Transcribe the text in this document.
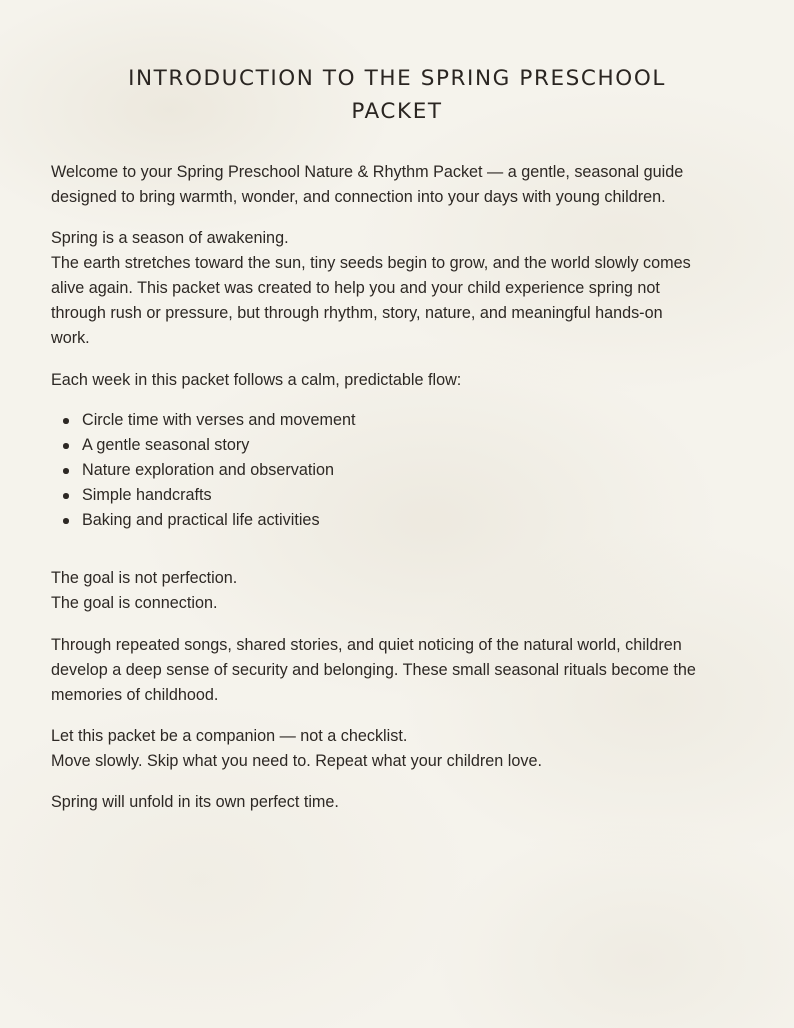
INTRODUCTION TO THE SPRING PRESCHOOL
PACKET

Welcome to your Spring Preschool Nature & Rhythm Packet — a gentle, seasonal guide
designed to bring warmth, wonder, and connection into your days with young children.

Spring is a season of awakening.
The earth stretches toward the sun, tiny seeds begin to grow, and the world slowly comes
alive again. This packet was created to help you and your child experience spring not
through rush or pressure, but through rhythm, story, nature, and meaningful hands-on
work.

Each week in this packet follows a calm, predictable flow:

Circle time with verses and movement
A gentle seasonal story
Nature exploration and observation
Simple handcrafts
Baking and practical life activities

The goal is not perfection.
The goal is connection.

Through repeated songs, shared stories, and quiet noticing of the natural world, children
develop a deep sense of security and belonging. These small seasonal rituals become the
memories of childhood.

Let this packet be a companion — not a checklist.
Move slowly. Skip what you need to. Repeat what your children love.

Spring will unfold in its own perfect time.
